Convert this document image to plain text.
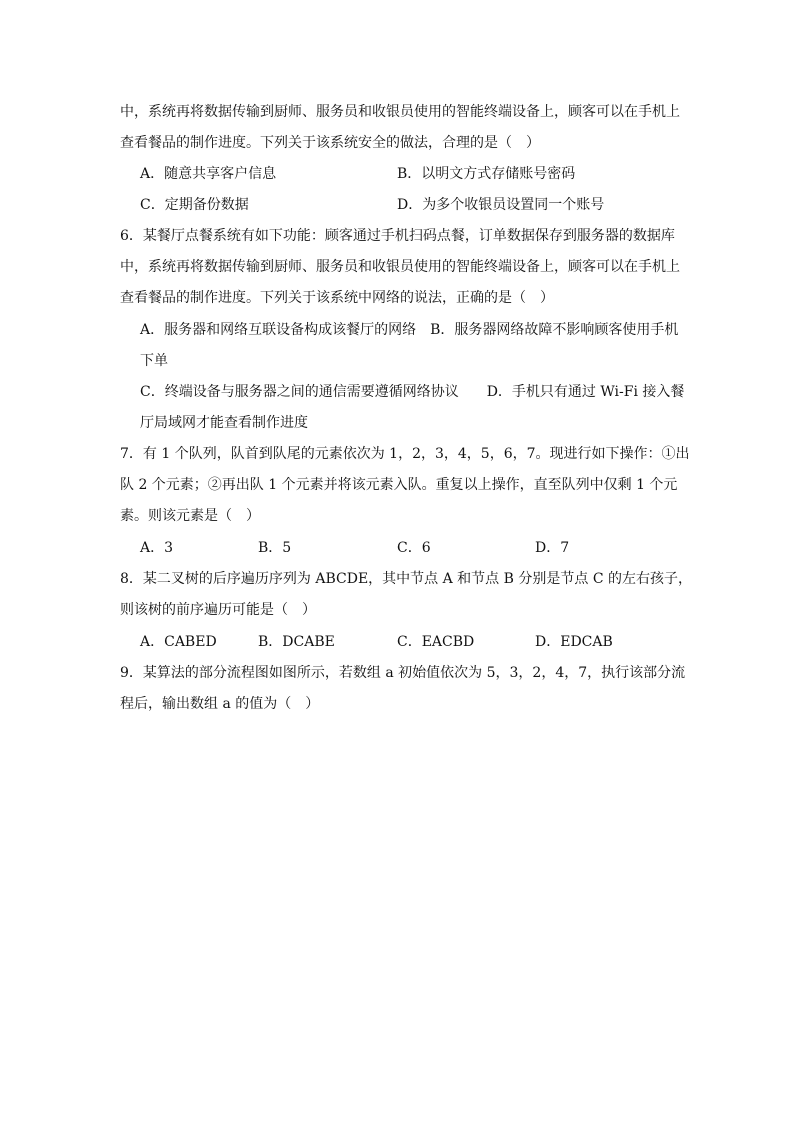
中，系统再将数据传输到厨师、服务员和收银员使用的智能终端设备上，顾客可以在手机上
查看餐品的制作进度。下列关于该系统安全的做法，合理的是（　）
A．随意共享客户信息	B．以明文方式存储账号密码
C．定期备份数据	D．为多个收银员设置同一个账号
6．某餐厅点餐系统有如下功能：顾客通过手机扫码点餐，订单数据保存到服务器的数据库
中，系统再将数据传输到厨师、服务员和收银员使用的智能终端设备上，顾客可以在手机上
查看餐品的制作进度。下列关于该系统中网络的说法，正确的是（　）
A．服务器和网络互联设备构成该餐厅的网络　B．服务器网络故障不影响顾客使用手机
下单
C．终端设备与服务器之间的通信需要遵循网络协议　　D．手机只有通过 Wi-Fi 接入餐
厅局域网才能查看制作进度
7．有 1 个队列，队首到队尾的元素依次为 1，2，3，4，5，6，7。现进行如下操作：①出
队 2 个元素；②再出队 1 个元素并将该元素入队。重复以上操作，直至队列中仅剩 1 个元
素。则该元素是（　）
A．3	B．5	C．6	D．7
8．某二叉树的后序遍历序列为 ABCDE，其中节点 A 和节点 B 分别是节点 C 的左右孩子，
则该树的前序遍历可能是（　）
A．CABED	B．DCABE	C．EACBD	D．EDCAB
9．某算法的部分流程图如图所示，若数组 a 初始值依次为 5，3，2，4，7，执行该部分流
程后，输出数组 a 的值为（　）
